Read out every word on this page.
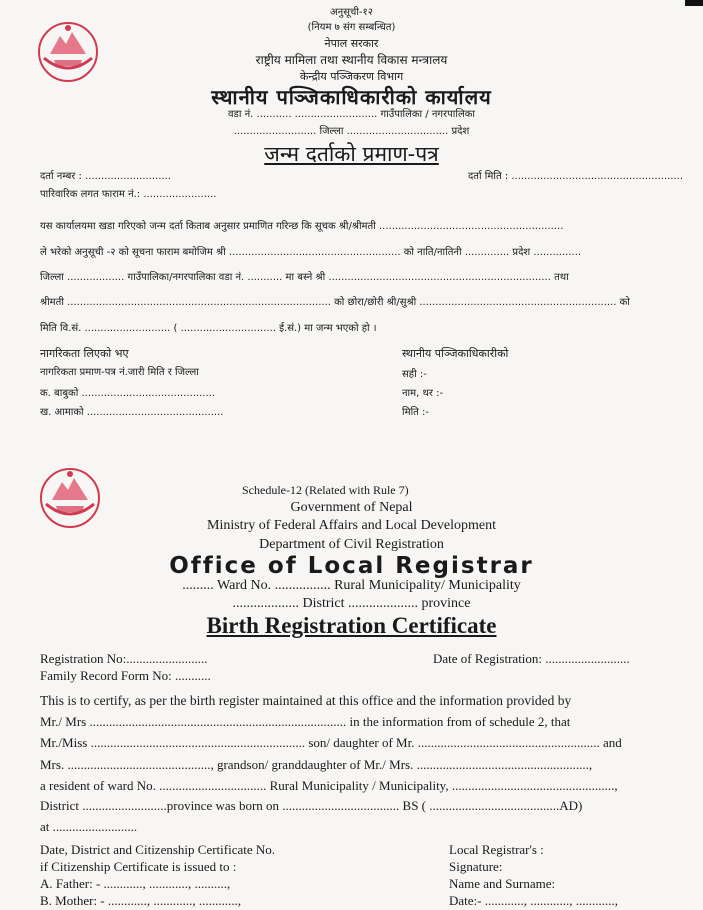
अनुसूची-१२
(नियम ७ संग सम्बन्धित)
नेपाल सरकार
राष्ट्रीय मामिला तथा स्थानीय विकास मन्त्रालय
केन्द्रीय पञ्जिकरण विभाग
स्थानीय पञ्जिकाधिकारीको कार्यालय
वडा नं. ........... .......................... गाउँपालिका / नगरपालिका
.......................... जिल्ला ................................ प्रदेश
जन्म दर्ताको प्रमाण-पत्र
दर्ता नम्बर : ...........................	दर्ता मिति : ......................................................
पारिवारिक लगत फाराम नं.: .......................
यस कार्यालयमा खडा गरिएको जन्म दर्ता किताब अनुसार प्रमाणित गरिन्छ कि सूचक श्री/श्रीमती ..........................................................
ले भरेको अनुसूची -२ को सूचना फाराम बमोजिम श्री ...................................................... को नाति/नातिनी .............. प्रदेश ...............
जिल्ला .................. गाउँपालिका/नगरपालिका वडा नं. ........... मा बस्ने श्री ...................................................................... तथा
श्रीमती ................................................................................... को छोरा/छोरी श्री/सुश्री .............................................................. को
मिति वि.सं. ........................... ( .............................. ई.सं.) मा जन्म भएको हो ।
नागरिकता लिएको भए
नागरिकता प्रमाण-पत्र नं.जारी मिति र जिल्ला
क. बाबुको ..........................................
ख. आमाको ...........................................
स्थानीय पञ्जिकाधिकारीको
सही :-
नाम, थर :-
मिति :-
Schedule-12 (Related with Rule 7)
Government of Nepal
Ministry of Federal Affairs and Local Development
Department of Civil Registration
Office of Local Registrar
......... Ward No. ................ Rural Municipality/ Municipality
................... District .................... province
Birth Registration Certificate
Registration No:.........................	Date of Registration: ..........................
Family Record Form No: ...........
This is to certify, as per the birth register maintained at this office and the information provided by
Mr./ Mrs ............................................................................... in the information from of schedule 2, that
Mr./Miss .................................................................. son/ daughter of Mr. ........................................................ and
Mrs. ............................................, grandson/ granddaughter of Mr./ Mrs. .....................................................,
a resident of ward No. ................................. Rural Municipality / Municipality, ..................................................,
District ..........................province was born on .................................... BS ( ........................................AD)
at ..........................
Date, District and Citizenship Certificate No.
if Citizenship Certificate is issued to :
A. Father: - ............, ............, ..........,
B. Mother: - ............, ............, ............,
Local Registrar's :
Signature:
Name and Surname:
Date:- ............, ............, ............,
